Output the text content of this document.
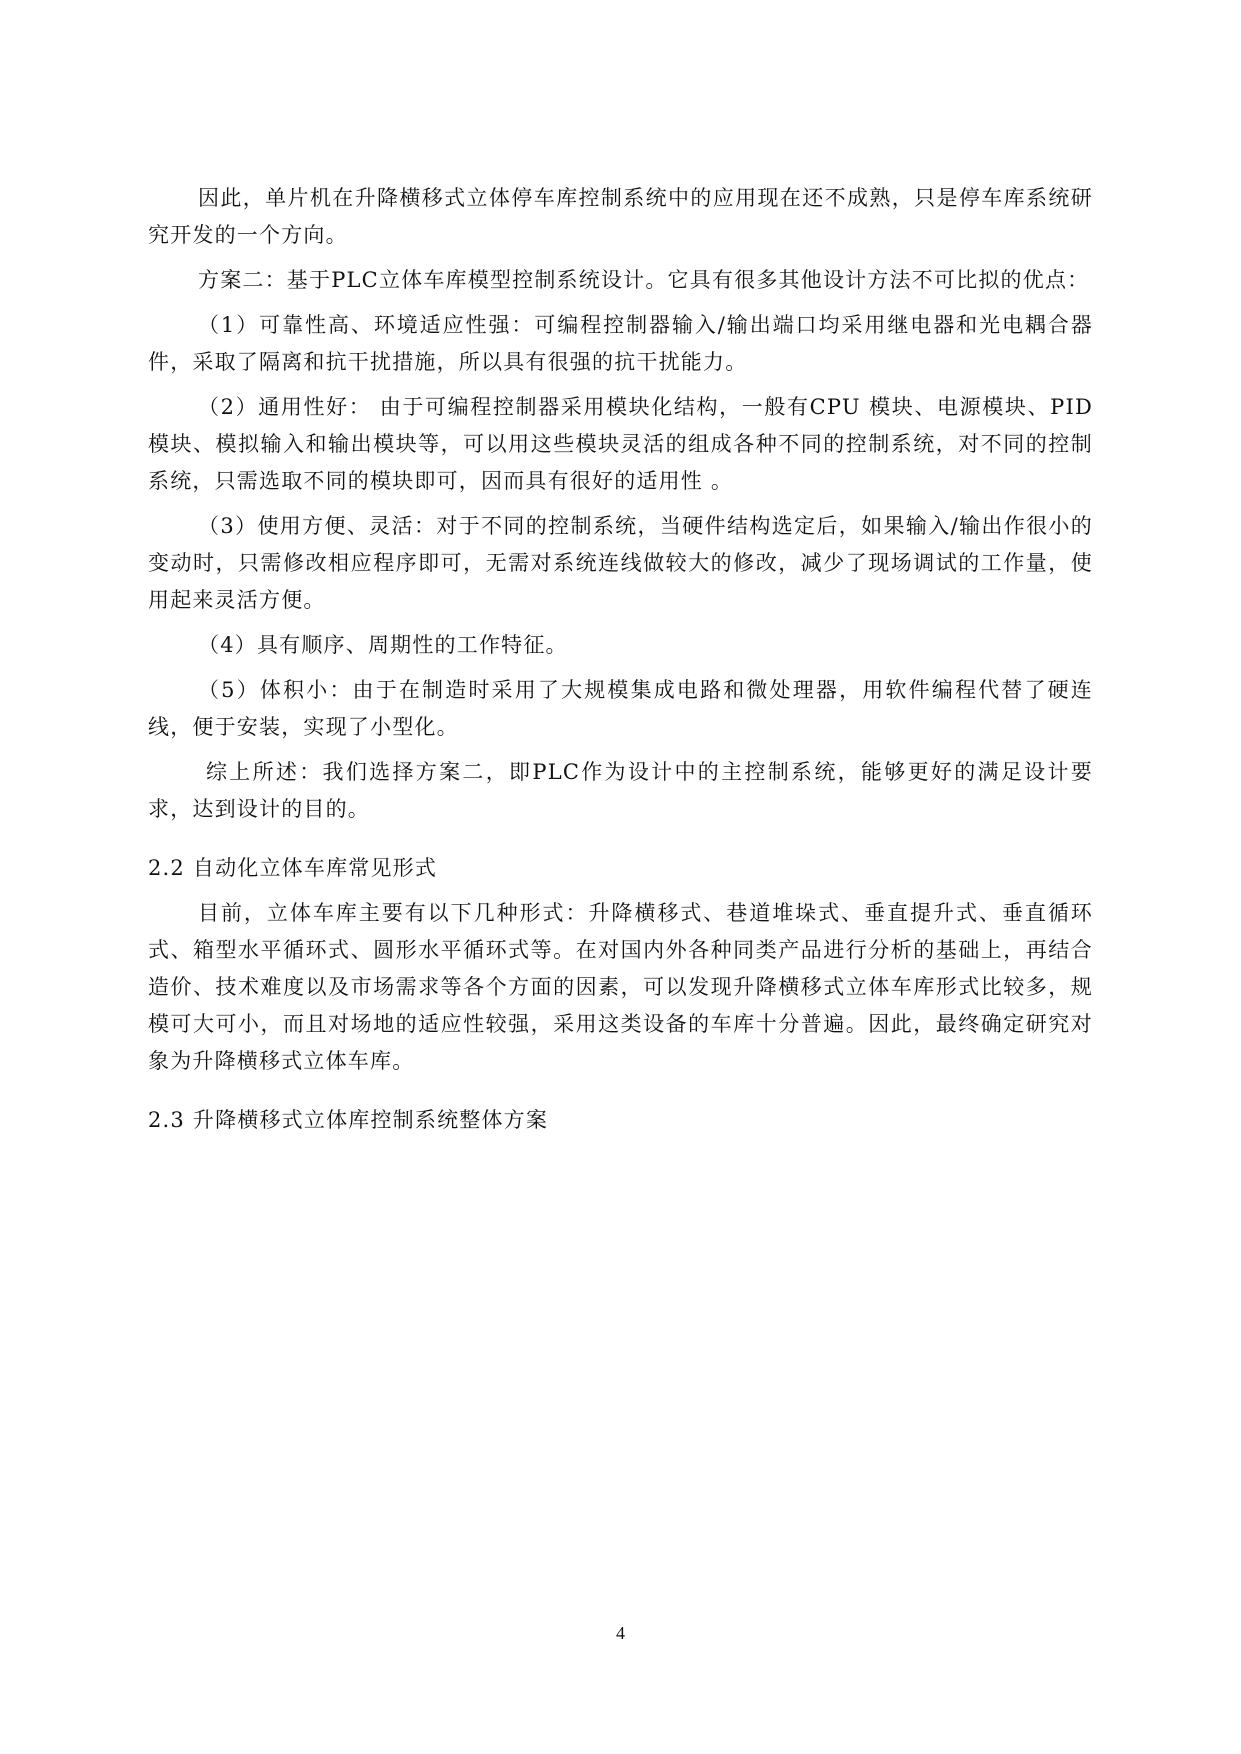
因此，单片机在升降横移式立体停车库控制系统中的应用现在还不成熟，只是停车库系统研究开发的一个方向。

方案二：基于PLC立体车库模型控制系统设计。它具有很多其他设计方法不可比拟的优点：

（1）可靠性高、环境适应性强：可编程控制器输入/输出端口均采用继电器和光电耦合器件，采取了隔离和抗干扰措施，所以具有很强的抗干扰能力。

（2）通用性好： 由于可编程控制器采用模块化结构，一般有CPU 模块、电源模块、PID 模块、模拟输入和输出模块等，可以用这些模块灵活的组成各种不同的控制系统，对不同的控制系统，只需选取不同的模块即可，因而具有很好的适用性 。

（3）使用方便、灵活：对于不同的控制系统，当硬件结构选定后，如果输入/输出作很小的变动时，只需修改相应程序即可，无需对系统连线做较大的修改，减少了现场调试的工作量，使用起来灵活方便。

（4）具有顺序、周期性的工作特征。

（5）体积小：由于在制造时采用了大规模集成电路和微处理器，用软件编程代替了硬连线，便于安装，实现了小型化。

综上所述：我们选择方案二，即PLC作为设计中的主控制系统，能够更好的满足设计要求，达到设计的目的。

2.2 自动化立体车库常见形式

目前，立体车库主要有以下几种形式：升降横移式、巷道堆垛式、垂直提升式、垂直循环式、箱型水平循环式、圆形水平循环式等。在对国内外各种同类产品进行分析的基础上，再结合造价、技术难度以及市场需求等各个方面的因素，可以发现升降横移式立体车库形式比较多，规模可大可小，而且对场地的适应性较强，采用这类设备的车库十分普遍。因此，最终确定研究对象为升降横移式立体车库。

2.3 升降横移式立体库控制系统整体方案
4
